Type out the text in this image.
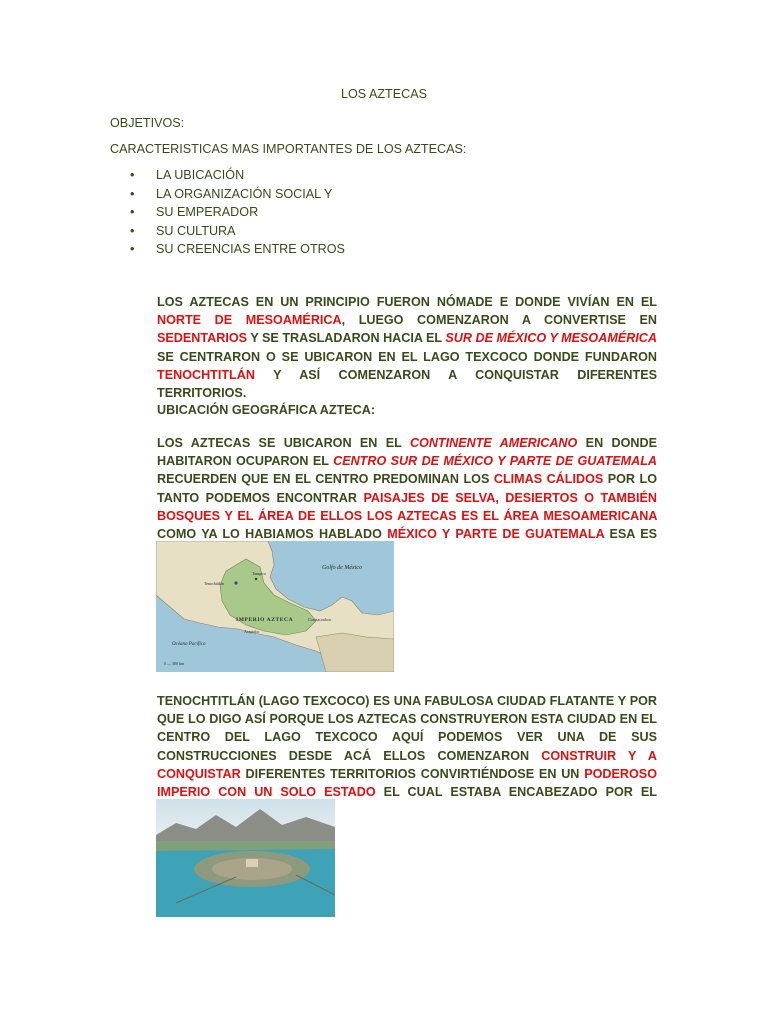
LOS AZTECAS
OBJETIVOS:
CARACTERISTICAS MAS IMPORTANTES DE LOS AZTECAS:
• LA UBICACIÓN
• LA ORGANIZACIÓN SOCIAL Y
• SU EMPERADOR
• SU CULTURA
• SU CREENCIAS ENTRE OTROS
LOS AZTECAS EN UN PRINCIPIO FUERON NÓMADE E DONDE VIVÍAN EN EL NORTE DE MESOAMÉRICA, LUEGO COMENZARON A CONVERTISE EN SEDENTARIOS Y SE TRASLADARON HACIA EL SUR DE MÉXICO Y MESOAMÉRICA SE CENTRARON O SE UBICARON EN EL LAGO TEXCOCO DONDE FUNDARON TENOCHTITLÁN Y ASÍ COMENZARON A CONQUISTAR DIFERENTES TERRITORIOS.
UBICACIÓN GEOGRÁFICA AZTECA:
LOS AZTECAS SE UBICARON EN EL CONTINENTE AMERICANO EN DONDE HABITARON OCUPARON EL CENTRO SUR DE MÉXICO Y PARTE DE GUATEMALA RECUERDEN QUE EN EL CENTRO PREDOMINAN LOS CLIMAS CÁLIDOS POR LO TANTO PODEMOS ENCONTRAR PAISAJES DE SELVA, DESIERTOS O TAMBIÉN BOSQUES Y EL ÁREA DE ELLOS LOS AZTECAS ES EL ÁREA MESOAMERICANA COMO YA LO HABIAMOS HABLADO MÉXICO Y PARTE DE GUATEMALA ESA ES
Golfo de México
IMPERIO AZTECA
Océano Pacífico
Tenochtitlán
Tampico
Acapulco
Coatzacoalcos
0 — 300 km
TENOCHTITLÁN (LAGO TEXCOCO) ES UNA FABULOSA CIUDAD FLATANTE Y POR QUE LO DIGO ASÍ PORQUE LOS AZTECAS CONSTRUYERON ESTA CIUDAD EN EL CENTRO DEL LAGO TEXCOCO AQUÍ PODEMOS VER UNA DE SUS CONSTRUCCIONES DESDE ACÁ ELLOS COMENZARON CONSTRUIR Y A CONQUISTAR DIFERENTES TERRITORIOS CONVIRTIÉNDOSE EN UN PODEROSO IMPERIO CON UN SOLO ESTADO EL CUAL ESTABA ENCABEZADO POR EL
